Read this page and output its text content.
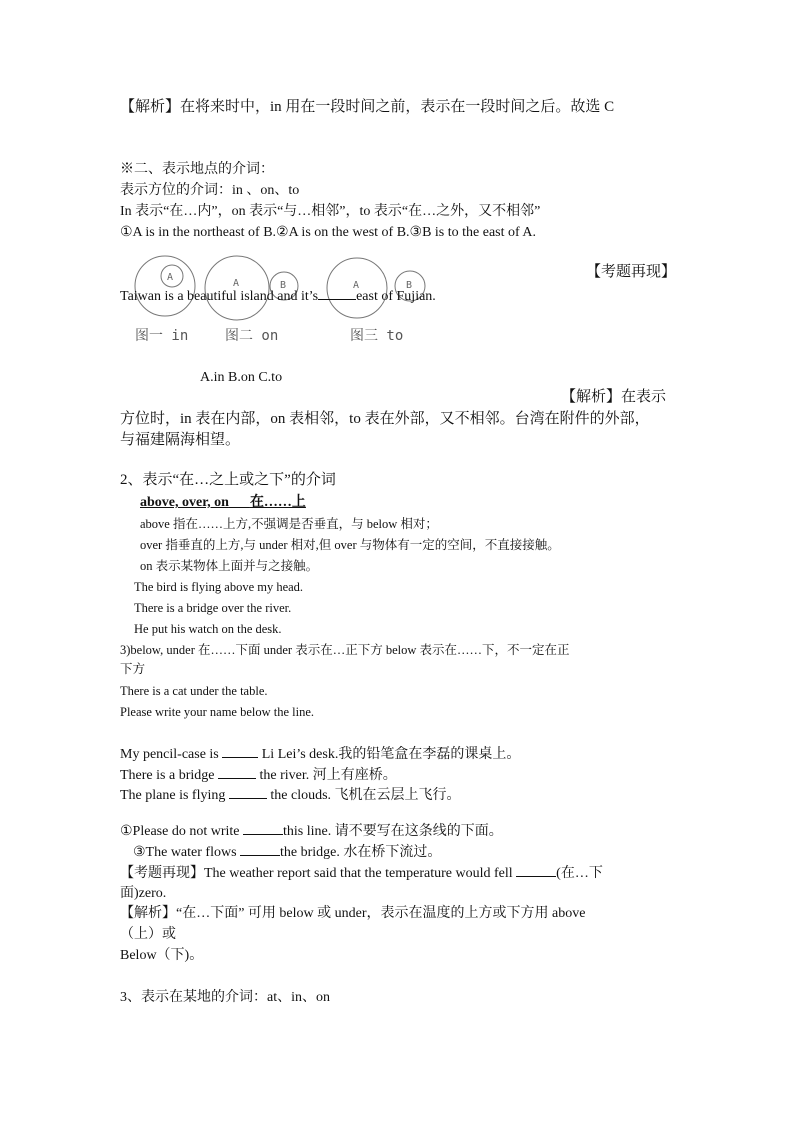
【解析】在将来时中，in 用在一段时间之前，表示在一段时间之后。故选 C
※二、表示地点的介词：
表示方位的介词：in 、on、to
In 表示“在…内”，on 表示“与…相邻”，to 表示“在…之外，又不相邻”
①A is in the northeast of B.②A is on the west of B.③B is to the east of A.
A
A	B	A	B
图一 in	图二 on	图三 to
【考题再现】
Taiwan is a beautiful island and it’s	east of Fujian.
A.in B.on C.to
【解析】在表示
方位时，in 表在内部，on 表相邻，to 表在外部，又不相邻。台湾在附件的外部，
与福建隔海相望。
2、表示“在…之上或之下”的介词
above, over, on 在……上
above 指在……上方,不强调是否垂直，与 below 相对；
over 指垂直的上方,与 under 相对,但 over 与物体有一定的空间，不直接接触。
on 表示某物体上面并与之接触。
The bird is flying above my head.
There is a bridge over the river.
He put his watch on the desk.
3)below, under 在……下面 under 表示在…正下方 below 表示在……下，不一定在正
下方
There is a cat under the table.
Please write your name below the line.
My pencil-case is	Li Lei’s desk.我的铅笔盒在李磊的课桌上。
There is a bridge	the river. 河上有座桥。
The plane is flying	the clouds. 飞机在云层上飞行。
①Please do not write	this line. 请不要写在这条线的下面。
③The water flows	the bridge. 水在桥下流过。
【考题再现】The weather report said that the temperature would fell	(在…下
面)zero.
【解析】“在…下面” 可用 below 或 under，表示在温度的上方或下方用 above
（上）或
Below（下)。
3、表示在某地的介词：at、in、on
